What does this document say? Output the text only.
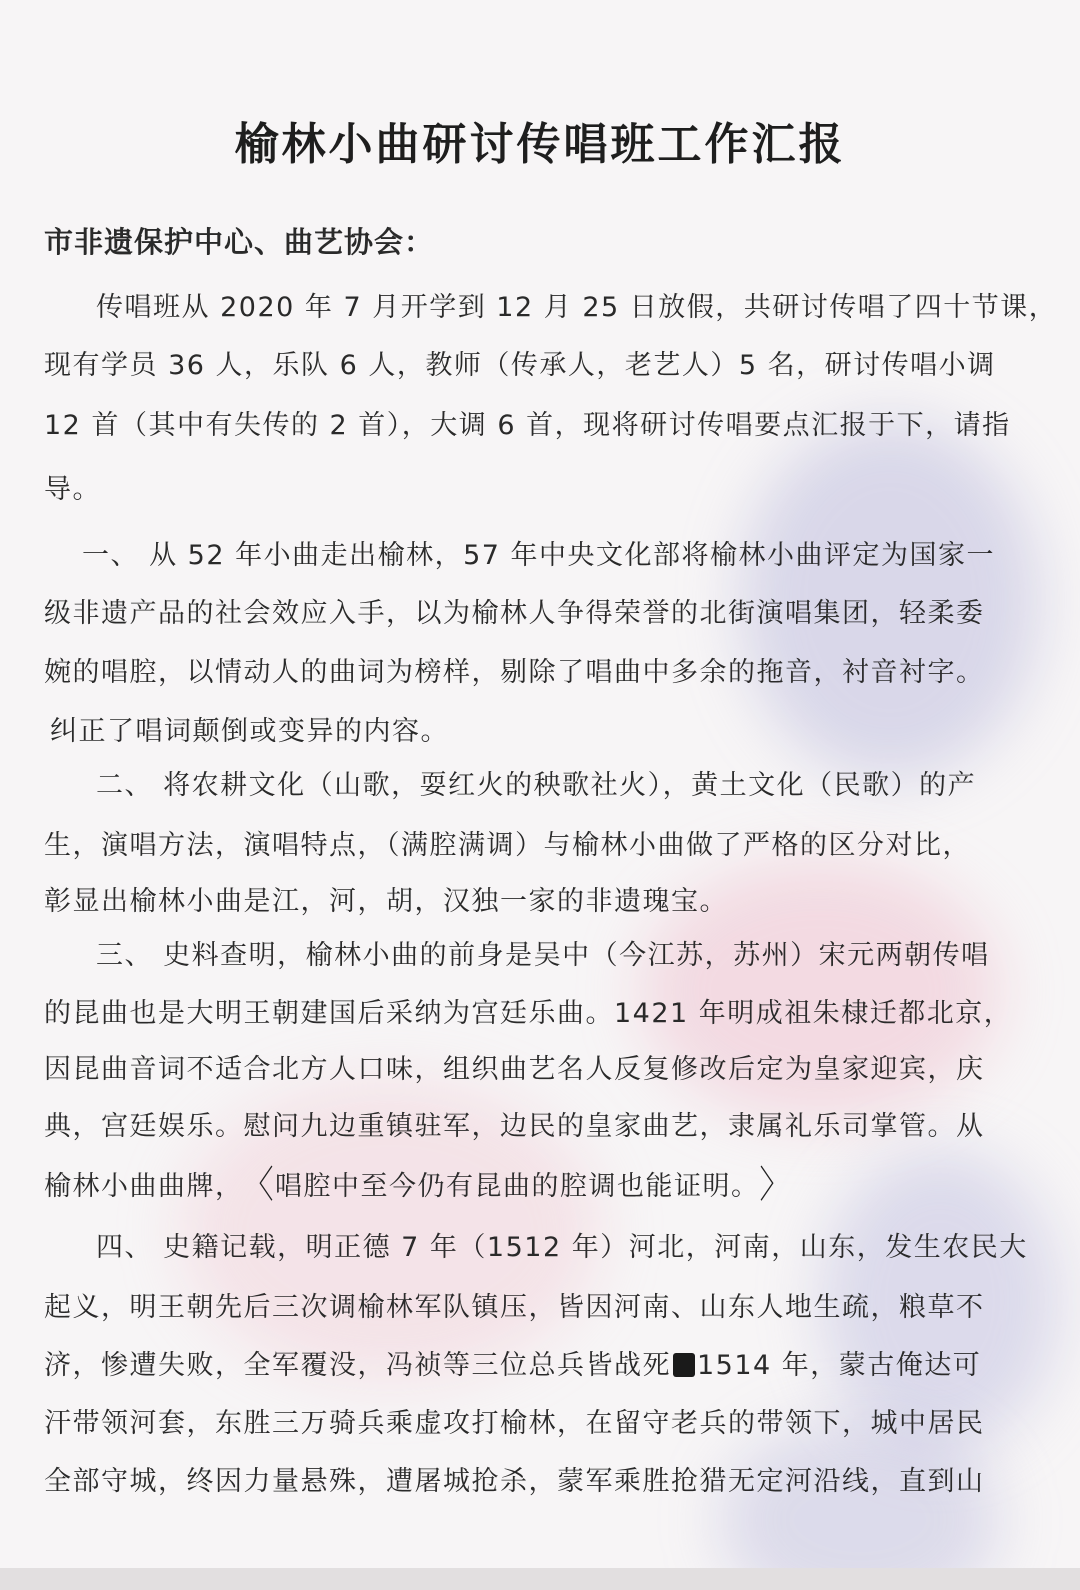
榆林小曲研讨传唱班工作汇报

市非遗保护中心、曲艺协会：

传唱班从 2020 年 7 月开学到 12 月 25 日放假，共研讨传唱了四十节课，

现有学员 36 人，乐队 6 人，教师（传承人，老艺人）5 名，研讨传唱小调

12 首（其中有失传的 2 首），大调 6 首，现将研讨传唱要点汇报于下，请指

导。

一、 从 52 年小曲走出榆林，57 年中央文化部将榆林小曲评定为国家一

级非遗产品的社会效应入手，以为榆林人争得荣誉的北街演唱集团，轻柔委

婉的唱腔，以情动人的曲词为榜样，剔除了唱曲中多余的拖音，衬音衬字。

纠正了唱词颠倒或变异的内容。

二、 将农耕文化（山歌，耍红火的秧歌社火），黄土文化（民歌）的产

生，演唱方法，演唱特点，（满腔满调）与榆林小曲做了严格的区分对比，

彰显出榆林小曲是江，河，胡，汉独一家的非遗瑰宝。

三、 史料查明，榆林小曲的前身是吴中（今江苏，苏州）宋元两朝传唱

的昆曲也是大明王朝建国后采纳为宫廷乐曲。1421 年明成祖朱棣迁都北京，

因昆曲音词不适合北方人口味，组织曲艺名人反复修改后定为皇家迎宾，庆

典，宫廷娱乐。慰问九边重镇驻军，边民的皇家曲艺，隶属礼乐司掌管。从

榆林小曲曲牌，〈唱腔中至今仍有昆曲的腔调也能证明。〉

四、 史籍记载，明正德 7 年（1512 年）河北，河南，山东，发生农民大

起义，明王朝先后三次调榆林军队镇压，皆因河南、山东人地生疏，粮草不

济，惨遭失败，全军覆没，冯祯等三位总兵皆战死 1514 年，蒙古俺达可

汗带领河套，东胜三万骑兵乘虚攻打榆林，在留守老兵的带领下，城中居民

全部守城，终因力量悬殊，遭屠城抢杀，蒙军乘胜抢猎无定河沿线，直到山
